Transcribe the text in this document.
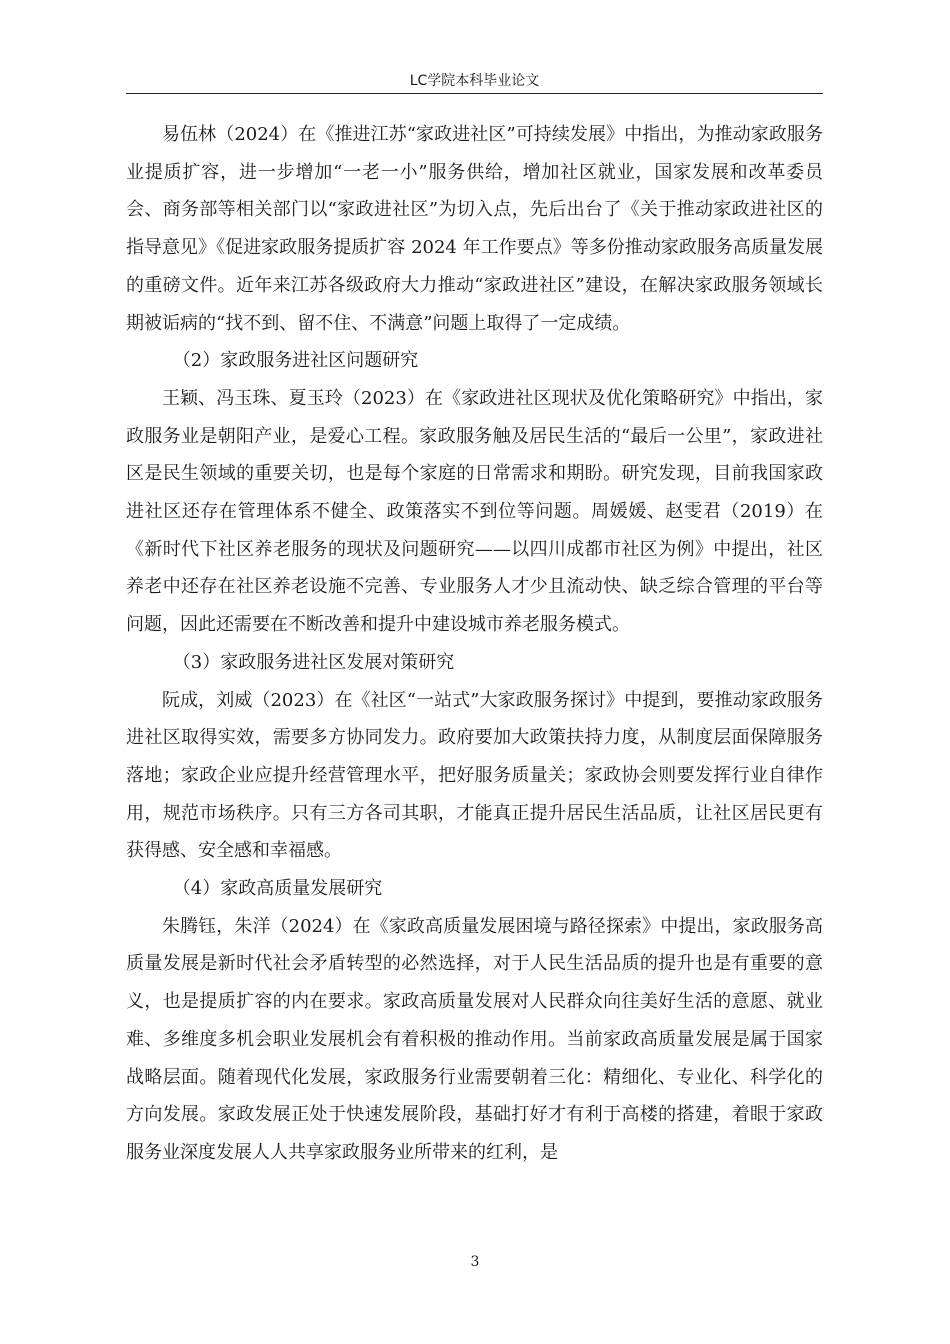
LC学院本科毕业论文

易伍林（2024）在《推进江苏“家政进社区”可持续发展》中指出，为推动家政服务业提质扩容，进一步增加“一老一小”服务供给，增加社区就业，国家发展和改革委员会、商务部等相关部门以“家政进社区”为切入点，先后出台了《关于推动家政进社区的指导意见》《促进家政服务提质扩容 2024 年工作要点》等多份推动家政服务高质量发展的重磅文件。近年来江苏各级政府大力推动“家政进社区”建设，在解决家政服务领域长期被诟病的“找不到、留不住、不满意”问题上取得了一定成绩。

（2）家政服务进社区问题研究

王颖、冯玉珠、夏玉玲（2023）在《家政进社区现状及优化策略研究》中指出，家政服务业是朝阳产业，是爱心工程。家政服务触及居民生活的“最后一公里”，家政进社区是民生领域的重要关切，也是每个家庭的日常需求和期盼。研究发现，目前我国家政进社区还存在管理体系不健全、政策落实不到位等问题。周媛媛、赵雯君（2019）在《新时代下社区养老服务的现状及问题研究——以四川成都市社区为例》中提出，社区养老中还存在社区养老设施不完善、专业服务人才少且流动快、缺乏综合管理的平台等问题，因此还需要在不断改善和提升中建设城市养老服务模式。

（3）家政服务进社区发展对策研究

阮成，刘威（2023）在《社区“一站式”大家政服务探讨》中提到，要推动家政服务进社区取得实效，需要多方协同发力。政府要加大政策扶持力度，从制度层面保障服务落地；家政企业应提升经营管理水平，把好服务质量关；家政协会则要发挥行业自律作用，规范市场秩序。只有三方各司其职，才能真正提升居民生活品质，让社区居民更有获得感、安全感和幸福感。

（4）家政高质量发展研究

朱腾钰，朱洋（2024）在《家政高质量发展困境与路径探索》中提出，家政服务高质量发展是新时代社会矛盾转型的必然选择，对于人民生活品质的提升也是有重要的意义，也是提质扩容的内在要求。家政高质量发展对人民群众向往美好生活的意愿、就业难、多维度多机会职业发展机会有着积极的推动作用。当前家政高质量发展是属于国家战略层面。随着现代化发展，家政服务行业需要朝着三化：精细化、专业化、科学化的方向发展。家政发展正处于快速发展阶段，基础打好才有利于高楼的搭建，着眼于家政服务业深度发展人人共享家政服务业所带来的红利，是

3
